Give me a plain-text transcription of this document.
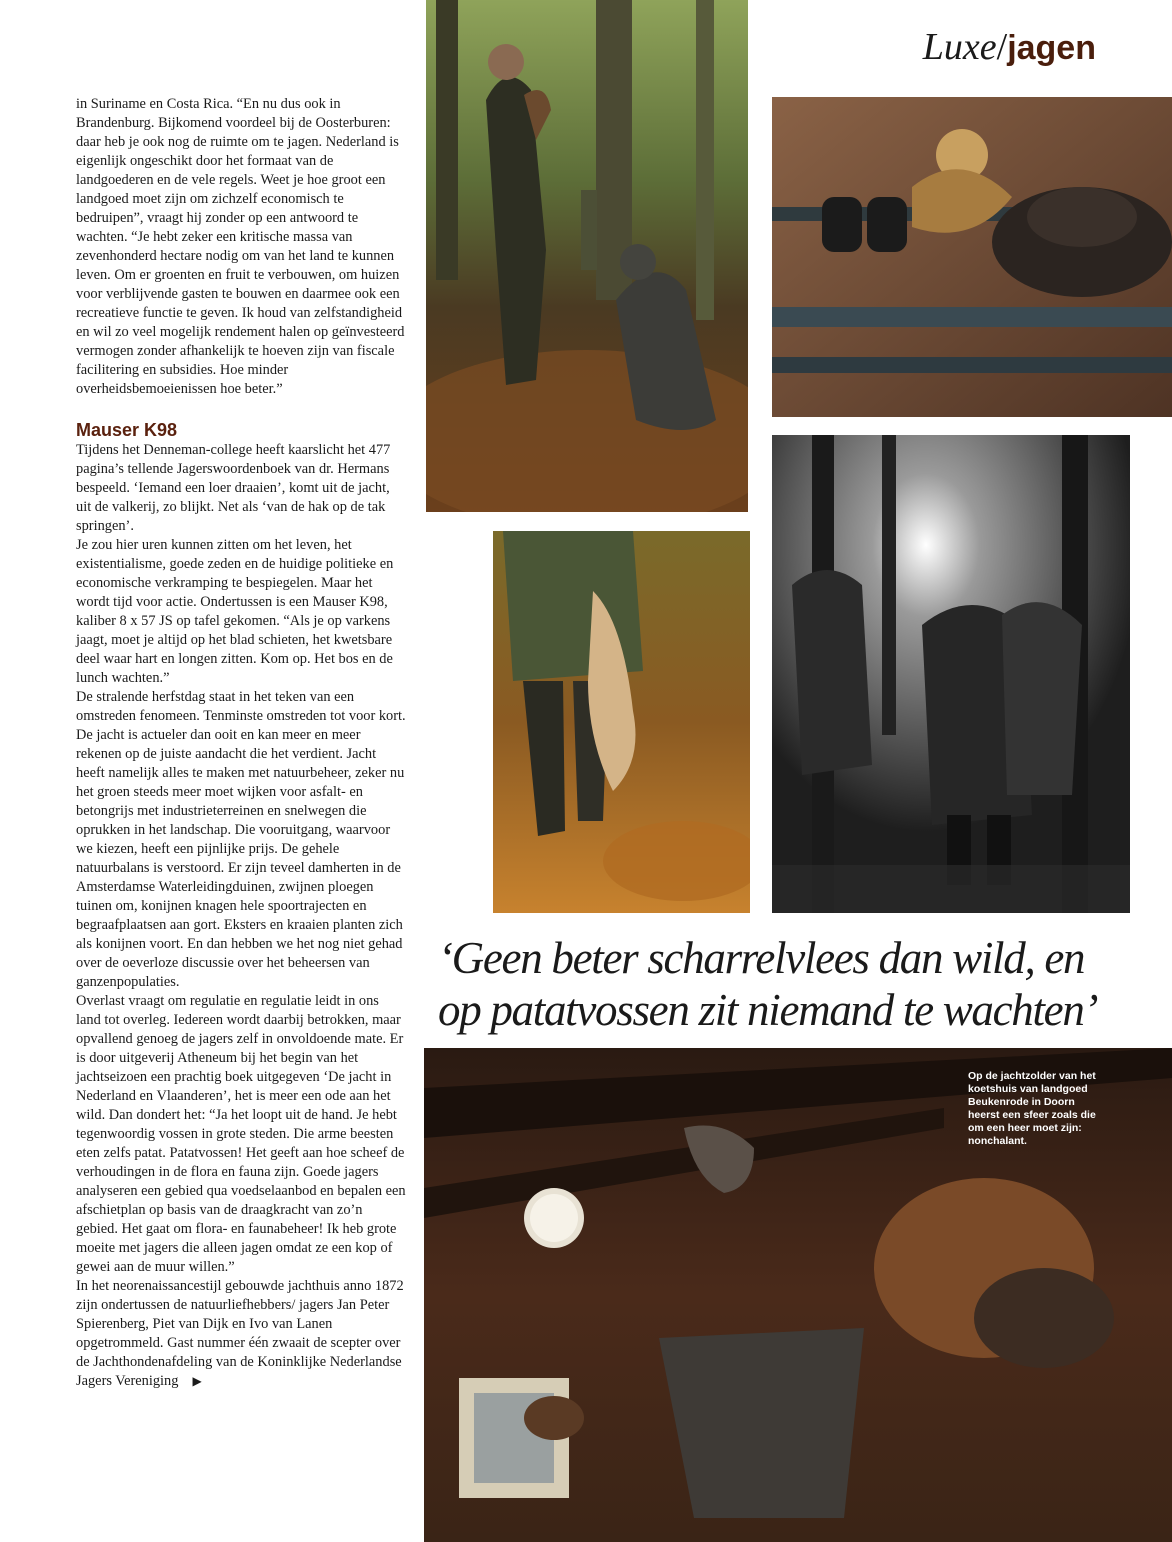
Luxe/jagen

in Suriname en Costa Rica. “En nu dus ook in Brandenburg. Bijkomend voordeel bij de Oosterburen: daar heb je ook nog de ruimte om te jagen. Nederland is eigenlijk ongeschikt door het formaat van de landgoederen en de vele regels. Weet je hoe groot een landgoed moet zijn om zichzelf economisch te bedruipen”, vraagt hij zonder op een antwoord te wachten. “Je hebt zeker een kritische massa van zevenhonderd hectare nodig om van het land te kunnen leven. Om er groenten en fruit te verbouwen, om huizen voor verblijvende gasten te bouwen en daarmee ook een recreatieve functie te geven. Ik houd van zelfstandigheid en wil zo veel mogelijk rendement halen op geïnvesteerd vermogen zonder afhankelijk te hoeven zijn van fiscale facilitering en subsidies. Hoe minder overheidsbemoeienissen hoe beter.”

Mauser K98

Tijdens het Denneman-college heeft kaarslicht het 477 pagina’s tellende Jagerswoordenboek van dr. Hermans bespeeld. ‘Iemand een loer draaien’, komt uit de jacht, uit de valkerij, zo blijkt. Net als ‘van de hak op de tak springen’.

Je zou hier uren kunnen zitten om het leven, het existentialisme, goede zeden en de huidige politieke en economische verkramping te bespiegelen. Maar het wordt tijd voor actie. Ondertussen is een Mauser K98, kaliber 8 x 57 JS op tafel gekomen. “Als je op varkens jaagt, moet je altijd op het blad schieten, het kwetsbare deel waar hart en longen zitten. Kom op. Het bos en de lunch wachten.”

De stralende herfstdag staat in het teken van een omstreden fenomeen. Tenminste omstreden tot voor kort. De jacht is actueler dan ooit en kan meer en meer rekenen op de juiste aandacht die het verdient. Jacht heeft namelijk alles te maken met natuurbeheer, zeker nu het groen steeds meer moet wijken voor asfalt- en betongrijs met industrieterreinen en snelwegen die oprukken in het landschap. Die vooruitgang, waarvoor we kiezen, heeft een pijnlijke prijs. De gehele natuurbalans is verstoord. Er zijn teveel damherten in de Amsterdamse Waterleidingduinen, zwijnen ploegen tuinen om, konijnen knagen hele spoortrajecten en begraafplaatsen aan gort. Eksters en kraaien planten zich als konijnen voort. En dan hebben we het nog niet gehad over de oeverloze discussie over het beheersen van ganzenpopulaties.

Overlast vraagt om regulatie en regulatie leidt in ons land tot overleg. Iedereen wordt daarbij betrokken, maar opvallend genoeg de jagers zelf in onvoldoende mate. Er is door uitgeverij Atheneum bij het begin van het jachtseizoen een prachtig boek uitgegeven ‘De jacht in Nederland en Vlaanderen’, het is meer een ode aan het wild. Dan dondert het: “Ja het loopt uit de hand. Je hebt tegenwoordig vossen in grote steden. Die arme beesten eten zelfs patat. Patatvossen! Het geeft aan hoe scheef de verhoudingen in de flora en fauna zijn. Goede jagers analyseren een gebied qua voedselaanbod en bepalen een afschietplan op basis van de draagkracht van zo’n gebied. Het gaat om flora- en faunabeheer! Ik heb grote moeite met jagers die alleen jagen omdat ze een kop of gewei aan de muur willen.”

In het neorenaissancestijl gebouwde jachthuis anno 1872 zijn ondertussen de natuurliefhebbers/ jagers Jan Peter Spierenberg, Piet van Dijk en Ivo van Lanen opgetrommeld. Gast nummer één zwaait de scepter over de Jachthondenafdeling van de Koninklijke Nederlandse Jagers Vereniging ▶

‘Geen beter scharrelvlees dan wild, en
op patatvossen zit niemand te wachten’
Op de jachtzolder van het koetshuis van landgoed Beukenrode in Doorn heerst een sfeer zoals die om een heer moet zijn: nonchalant.
